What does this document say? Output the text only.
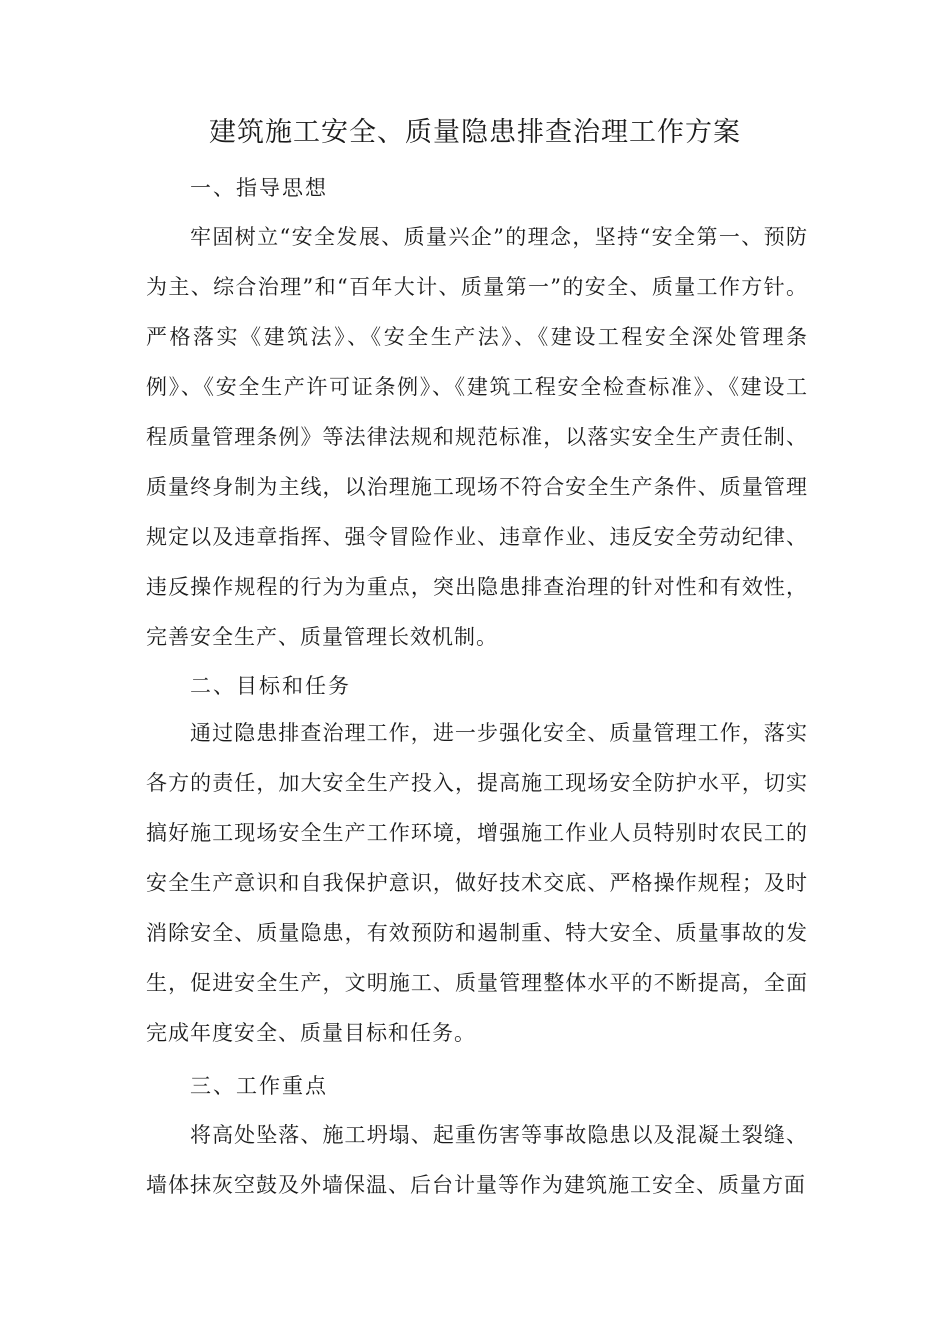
建筑施工安全、质量隐患排查治理工作方案
一、指导思想

牢固树立“安全发展、质量兴企”的理念，坚持“安全第一、预防为主、综合治理”和“百年大计、质量第一”的安全、质量工作方针。严格落实《建筑法》、《安全生产法》、《建设工程安全深处管理条例》、《安全生产许可证条例》、《建筑工程安全检查标准》、《建设工程质量管理条例》等法律法规和规范标准，以落实安全生产责任制、质量终身制为主线，以治理施工现场不符合安全生产条件、质量管理规定以及违章指挥、强令冒险作业、违章作业、违反安全劳动纪律、违反操作规程的行为为重点，突出隐患排查治理的针对性和有效性，完善安全生产、质量管理长效机制。

二、目标和任务

通过隐患排查治理工作，进一步强化安全、质量管理工作，落实各方的责任，加大安全生产投入，提高施工现场安全防护水平，切实搞好施工现场安全生产工作环境，增强施工作业人员特别时农民工的安全生产意识和自我保护意识，做好技术交底、严格操作规程；及时消除安全、质量隐患，有效预防和遏制重、特大安全、质量事故的发生，促进安全生产，文明施工、质量管理整体水平的不断提高，全面完成年度安全、质量目标和任务。

三、工作重点

将高处坠落、施工坍塌、起重伤害等事故隐患以及混凝土裂缝、墙体抹灰空鼓及外墙保温、后台计量等作为建筑施工安全、质量方面
